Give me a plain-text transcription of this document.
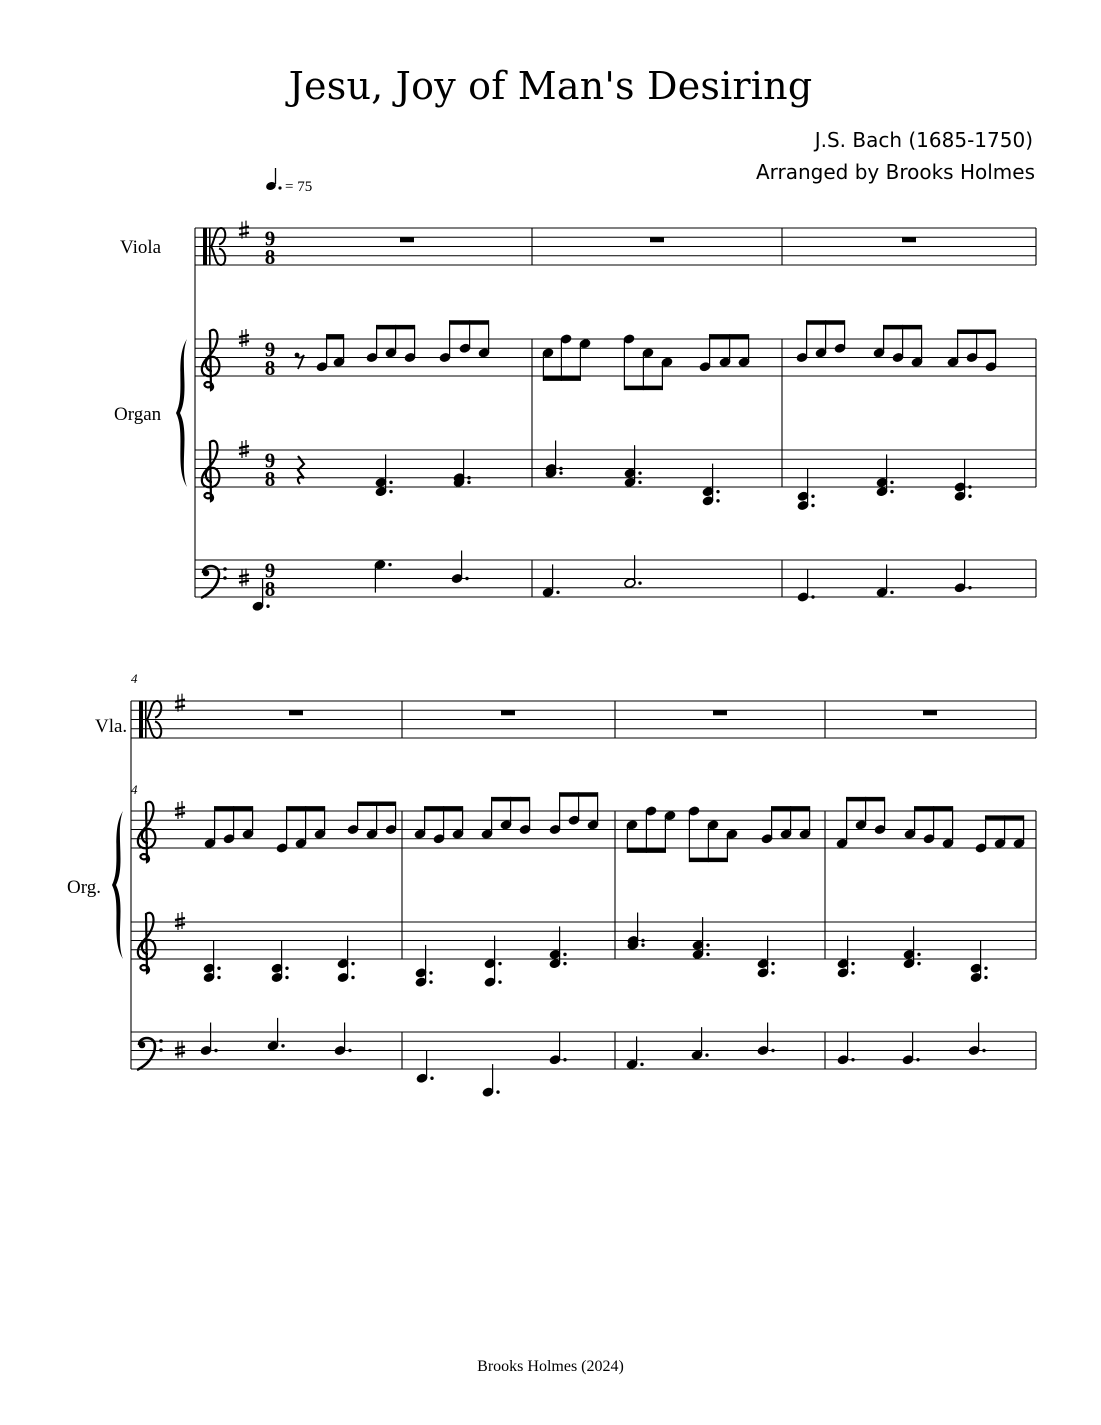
Jesu, Joy of Man's Desiring
J.S. Bach (1685-1750)
Arranged by Brooks Holmes
= 75
Viola
Organ
Vla.
Org.
4
4
9
8
9
8
9
8
9
8
Brooks Holmes (2024)
